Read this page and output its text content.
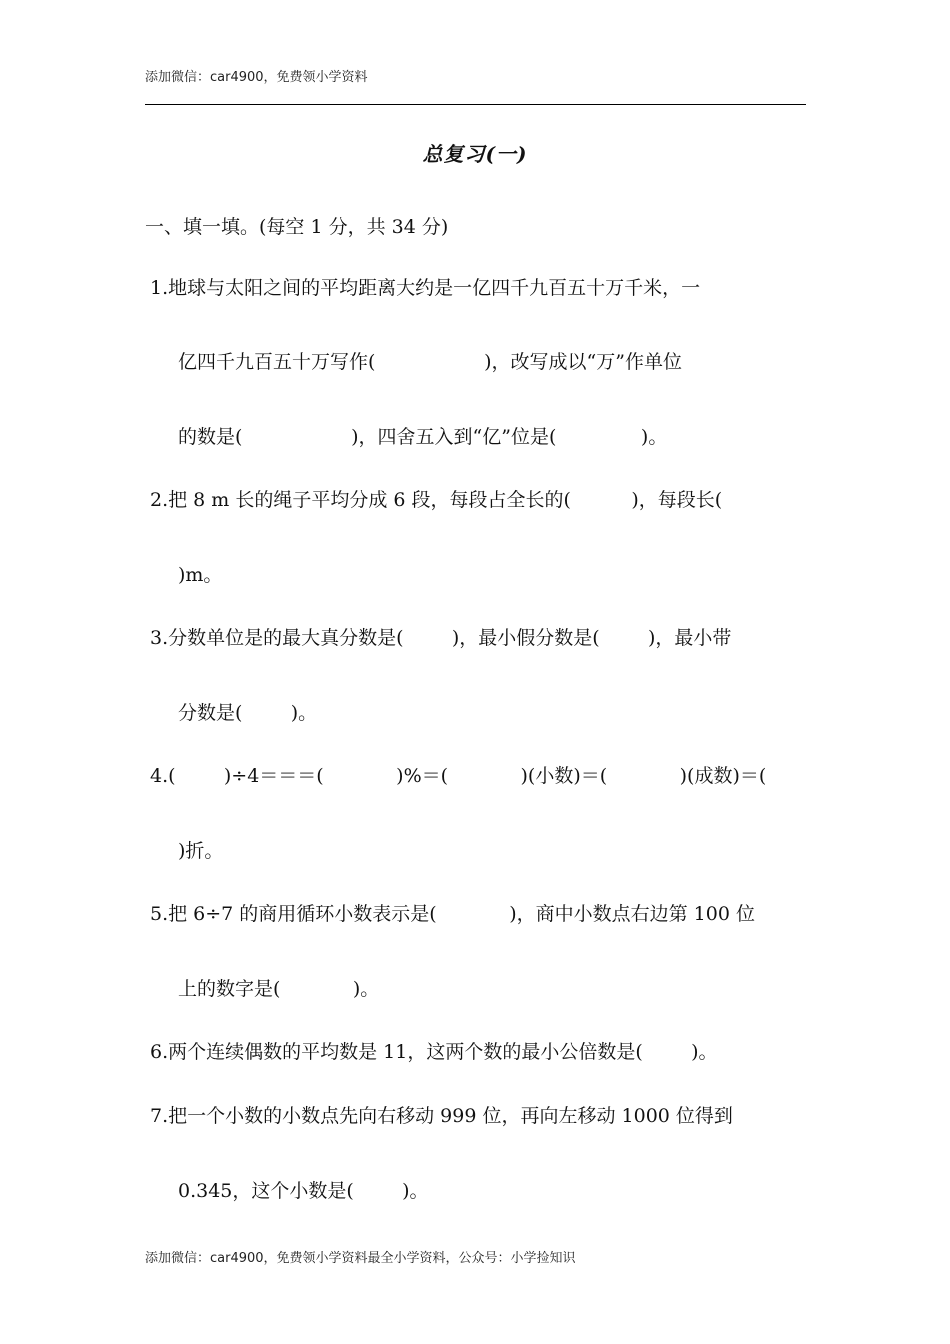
添加微信：car4900，免费领小学资料
总复习(一)
一、填一填。(每空 1 分，共 34 分)
1.地球与太阳之间的平均距离大约是一亿四千九百五十万千米，一
亿四千九百五十万写作(                  )，改写成以“万”作单位
的数是(                  )，四舍五入到“亿”位是(              )。
2.把 8 m 长的绳子平均分成 6 段，每段占全长的(          )，每段长(
)m。
3.分数单位是的最大真分数是(        )，最小假分数是(        )，最小带
分数是(        )。
4.(        )÷4＝＝＝(            )%＝(            )(小数)＝(            )(成数)＝(
)折。
5.把 6÷7 的商用循环小数表示是(            )，商中小数点右边第 100 位
上的数字是(            )。
6.两个连续偶数的平均数是 11，这两个数的最小公倍数是(        )。
7.把一个小数的小数点先向右移动 999 位，再向左移动 1000 位得到
0.345，这个小数是(        )。
添加微信：car4900，免费领小学资料最全小学资料，公众号：小学捡知识
